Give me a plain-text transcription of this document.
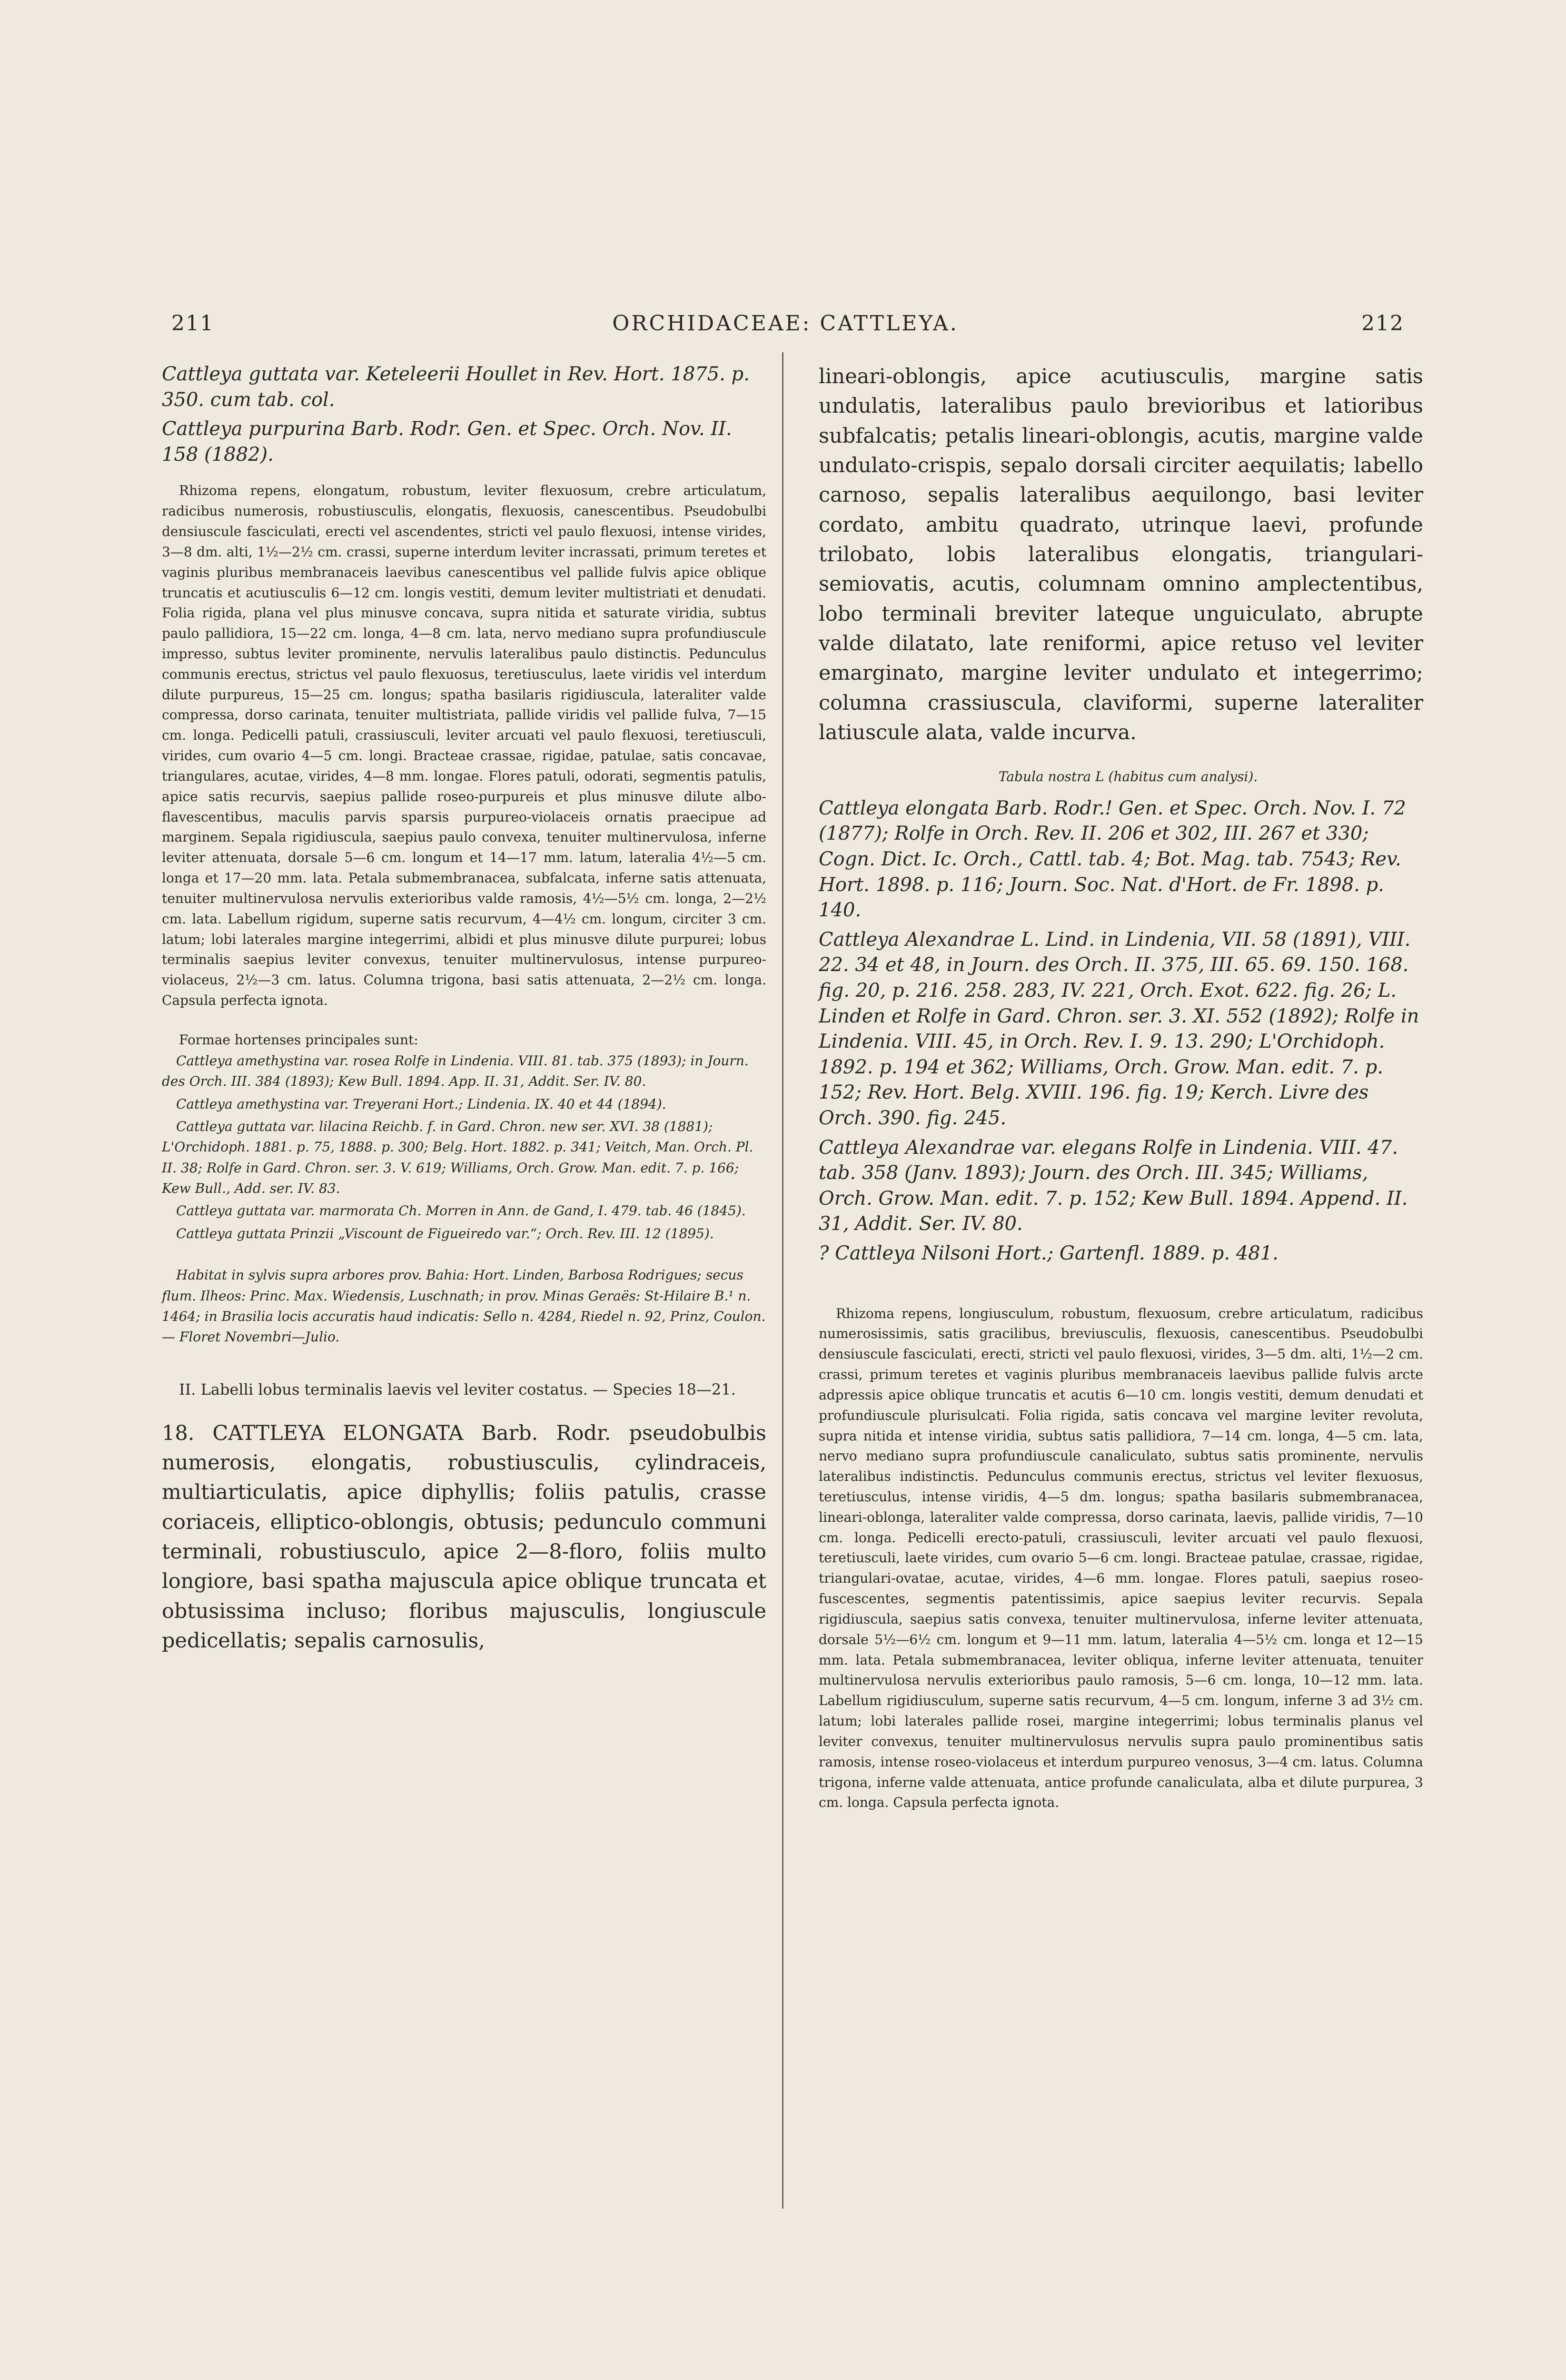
211	ORCHIDACEAE: CATTLEYA.	212

Cattleya guttata var. Keteleerii Houllet in Rev. Hort. 1875. p. 350. cum tab. col.

Cattleya purpurina Barb. Rodr. Gen. et Spec. Orch. Nov. II. 158 (1882).

Rhizoma repens, elongatum, robustum, leviter flexuosum, crebre articulatum, radicibus numerosis, robustiusculis, elongatis, flexuosis, canescentibus. Pseudobulbi densiuscule fasciculati, erecti vel ascendentes, stricti vel paulo flexuosi, intense virides, 3—8 dm. alti, 1½—2½ cm. crassi, superne interdum leviter incrassati, primum teretes et vaginis pluribus membranaceis laevibus canescentibus vel pallide fulvis apice oblique truncatis et acutiusculis 6—12 cm. longis vestiti, demum leviter multistriati et denudati. Folia rigida, plana vel plus minusve concava, supra nitida et saturate viridia, subtus paulo pallidiora, 15—22 cm. longa, 4—8 cm. lata, nervo mediano supra profundiuscule impresso, subtus leviter prominente, nervulis lateralibus paulo distinctis. Pedunculus communis erectus, strictus vel paulo flexuosus, teretiusculus, laete viridis vel interdum dilute purpureus, 15—25 cm. longus; spatha basilaris rigidiuscula, lateraliter valde compressa, dorso carinata, tenuiter multistriata, pallide viridis vel pallide fulva, 7—15 cm. longa. Pedicelli patuli, crassiusculi, leviter arcuati vel paulo flexuosi, teretiusculi, virides, cum ovario 4—5 cm. longi. Bracteae crassae, rigidae, patulae, satis concavae, triangulares, acutae, virides, 4—8 mm. longae. Flores patuli, odorati, segmentis patulis, apice satis recurvis, saepius pallide roseo-purpureis et plus minusve dilute albo-flavescentibus, maculis parvis sparsis purpureo-violaceis ornatis praecipue ad marginem. Sepala rigidiuscula, saepius paulo convexa, tenuiter multinervulosa, inferne leviter attenuata, dorsale 5—6 cm. longum et 14—17 mm. latum, lateralia 4½—5 cm. longa et 17—20 mm. lata. Petala submembranacea, subfalcata, inferne satis attenuata, tenuiter multinervulosa nervulis exterioribus valde ramosis, 4½—5½ cm. longa, 2—2½ cm. lata. Labellum rigidum, superne satis recurvum, 4—4½ cm. longum, circiter 3 cm. latum; lobi laterales margine integerrimi, albidi et plus minusve dilute purpurei; lobus terminalis saepius leviter convexus, tenuiter multinervulosus, intense purpureo-violaceus, 2½—3 cm. latus. Columna trigona, basi satis attenuata, 2—2½ cm. longa. Capsula perfecta ignota.

Formae hortenses principales sunt:

Cattleya amethystina var. rosea Rolfe in Lindenia. VIII. 81. tab. 375 (1893); in Journ. des Orch. III. 384 (1893); Kew Bull. 1894. App. II. 31, Addit. Ser. IV. 80.

Cattleya amethystina var. Treyerani Hort.; Lindenia. IX. 40 et 44 (1894).

Cattleya guttata var. lilacina Reichb. f. in Gard. Chron. new ser. XVI. 38 (1881); L'Orchidoph. 1881. p. 75, 1888. p. 300; Belg. Hort. 1882. p. 341; Veitch, Man. Orch. Pl. II. 38; Rolfe in Gard. Chron. ser. 3. V. 619; Williams, Orch. Grow. Man. edit. 7. p. 166; Kew Bull., Add. ser. IV. 83.

Cattleya guttata var. marmorata Ch. Morren in Ann. de Gand, I. 479. tab. 46 (1845).

Cattleya guttata Prinzii „Viscount de Figueiredo var.“; Orch. Rev. III. 12 (1895).

Habitat in sylvis supra arbores prov. Bahia: Hort. Linden, Barbosa Rodrigues; secus flum. Ilheos: Princ. Max. Wiedensis, Luschnath; in prov. Minas Geraës: St-Hilaire B.¹ n. 1464; in Brasilia locis accuratis haud indicatis: Sello n. 4284, Riedel n. 92, Prinz, Coulon. — Floret Novembri—Julio.

II. Labelli lobus terminalis laevis vel leviter costatus. — Species 18—21.

18. CATTLEYA ELONGATA Barb. Rodr. pseudobulbis numerosis, elongatis, robustiusculis, cylindraceis, multiarticulatis, apice diphyllis; foliis patulis, crasse coriaceis, elliptico-oblongis, obtusis; pedunculo communi terminali, robustiusculo, apice 2—8-floro, foliis multo longiore, basi spatha majuscula apice oblique truncata et obtusissima incluso; floribus majusculis, longiuscule pedicellatis; sepalis carnosulis,
lineari-oblongis, apice acutiusculis, margine satis undulatis, lateralibus paulo brevioribus et latioribus subfalcatis; petalis lineari-oblongis, acutis, margine valde undulato-crispis, sepalo dorsali circiter aequilatis; labello carnoso, sepalis lateralibus aequilongo, basi leviter cordato, ambitu quadrato, utrinque laevi, profunde trilobato, lobis lateralibus elongatis, triangulari-semiovatis, acutis, columnam omnino amplectentibus, lobo terminali breviter lateque unguiculato, abrupte valde dilatato, late reniformi, apice retuso vel leviter emarginato, margine leviter undulato et integerrimo; columna crassiuscula, claviformi, superne lateraliter latiuscule alata, valde incurva.

Tabula nostra L (habitus cum analysi).

Cattleya elongata Barb. Rodr.! Gen. et Spec. Orch. Nov. I. 72 (1877); Rolfe in Orch. Rev. II. 206 et 302, III. 267 et 330; Cogn. Dict. Ic. Orch., Cattl. tab. 4; Bot. Mag. tab. 7543; Rev. Hort. 1898. p. 116; Journ. Soc. Nat. d'Hort. de Fr. 1898. p. 140.

Cattleya Alexandrae L. Lind. in Lindenia, VII. 58 (1891), VIII. 22. 34 et 48, in Journ. des Orch. II. 375, III. 65. 69. 150. 168. fig. 20, p. 216. 258. 283, IV. 221, Orch. Exot. 622. fig. 26; L. Linden et Rolfe in Gard. Chron. ser. 3. XI. 552 (1892); Rolfe in Lindenia. VIII. 45, in Orch. Rev. I. 9. 13. 290; L'Orchidoph. 1892. p. 194 et 362; Williams, Orch. Grow. Man. edit. 7. p. 152; Rev. Hort. Belg. XVIII. 196. fig. 19; Kerch. Livre des Orch. 390. fig. 245.

Cattleya Alexandrae var. elegans Rolfe in Lindenia. VIII. 47. tab. 358 (Janv. 1893); Journ. des Orch. III. 345; Williams, Orch. Grow. Man. edit. 7. p. 152; Kew Bull. 1894. Append. II. 31, Addit. Ser. IV. 80.

? Cattleya Nilsoni Hort.; Gartenfl. 1889. p. 481.

Rhizoma repens, longiusculum, robustum, flexuosum, crebre articulatum, radicibus numerosissimis, satis gracilibus, breviusculis, flexuosis, canescentibus. Pseudobulbi densiuscule fasciculati, erecti, stricti vel paulo flexuosi, virides, 3—5 dm. alti, 1½—2 cm. crassi, primum teretes et vaginis pluribus membranaceis laevibus pallide fulvis arcte adpressis apice oblique truncatis et acutis 6—10 cm. longis vestiti, demum denudati et profundiuscule plurisulcati. Folia rigida, satis concava vel margine leviter revoluta, supra nitida et intense viridia, subtus satis pallidiora, 7—14 cm. longa, 4—5 cm. lata, nervo mediano supra profundiuscule canaliculato, subtus satis prominente, nervulis lateralibus indistinctis. Pedunculus communis erectus, strictus vel leviter flexuosus, teretiusculus, intense viridis, 4—5 dm. longus; spatha basilaris submembranacea, lineari-oblonga, lateraliter valde compressa, dorso carinata, laevis, pallide viridis, 7—10 cm. longa. Pedicelli erecto-patuli, crassiusculi, leviter arcuati vel paulo flexuosi, teretiusculi, laete virides, cum ovario 5—6 cm. longi. Bracteae patulae, crassae, rigidae, triangulari-ovatae, acutae, virides, 4—6 mm. longae. Flores patuli, saepius roseo-fuscescentes, segmentis patentissimis, apice saepius leviter recurvis. Sepala rigidiuscula, saepius satis convexa, tenuiter multinervulosa, inferne leviter attenuata, dorsale 5½—6½ cm. longum et 9—11 mm. latum, lateralia 4—5½ cm. longa et 12—15 mm. lata. Petala submembranacea, leviter obliqua, inferne leviter attenuata, tenuiter multinervulosa nervulis exterioribus paulo ramosis, 5—6 cm. longa, 10—12 mm. lata. Labellum rigidiusculum, superne satis recurvum, 4—5 cm. longum, inferne 3 ad 3½ cm. latum; lobi laterales pallide rosei, margine integerrimi; lobus terminalis planus vel leviter convexus, tenuiter multinervulosus nervulis supra paulo prominentibus satis ramosis, intense roseo-violaceus et interdum purpureo venosus, 3—4 cm. latus. Columna trigona, inferne valde attenuata, antice profunde canaliculata, alba et dilute purpurea, 3 cm. longa. Capsula perfecta ignota.
